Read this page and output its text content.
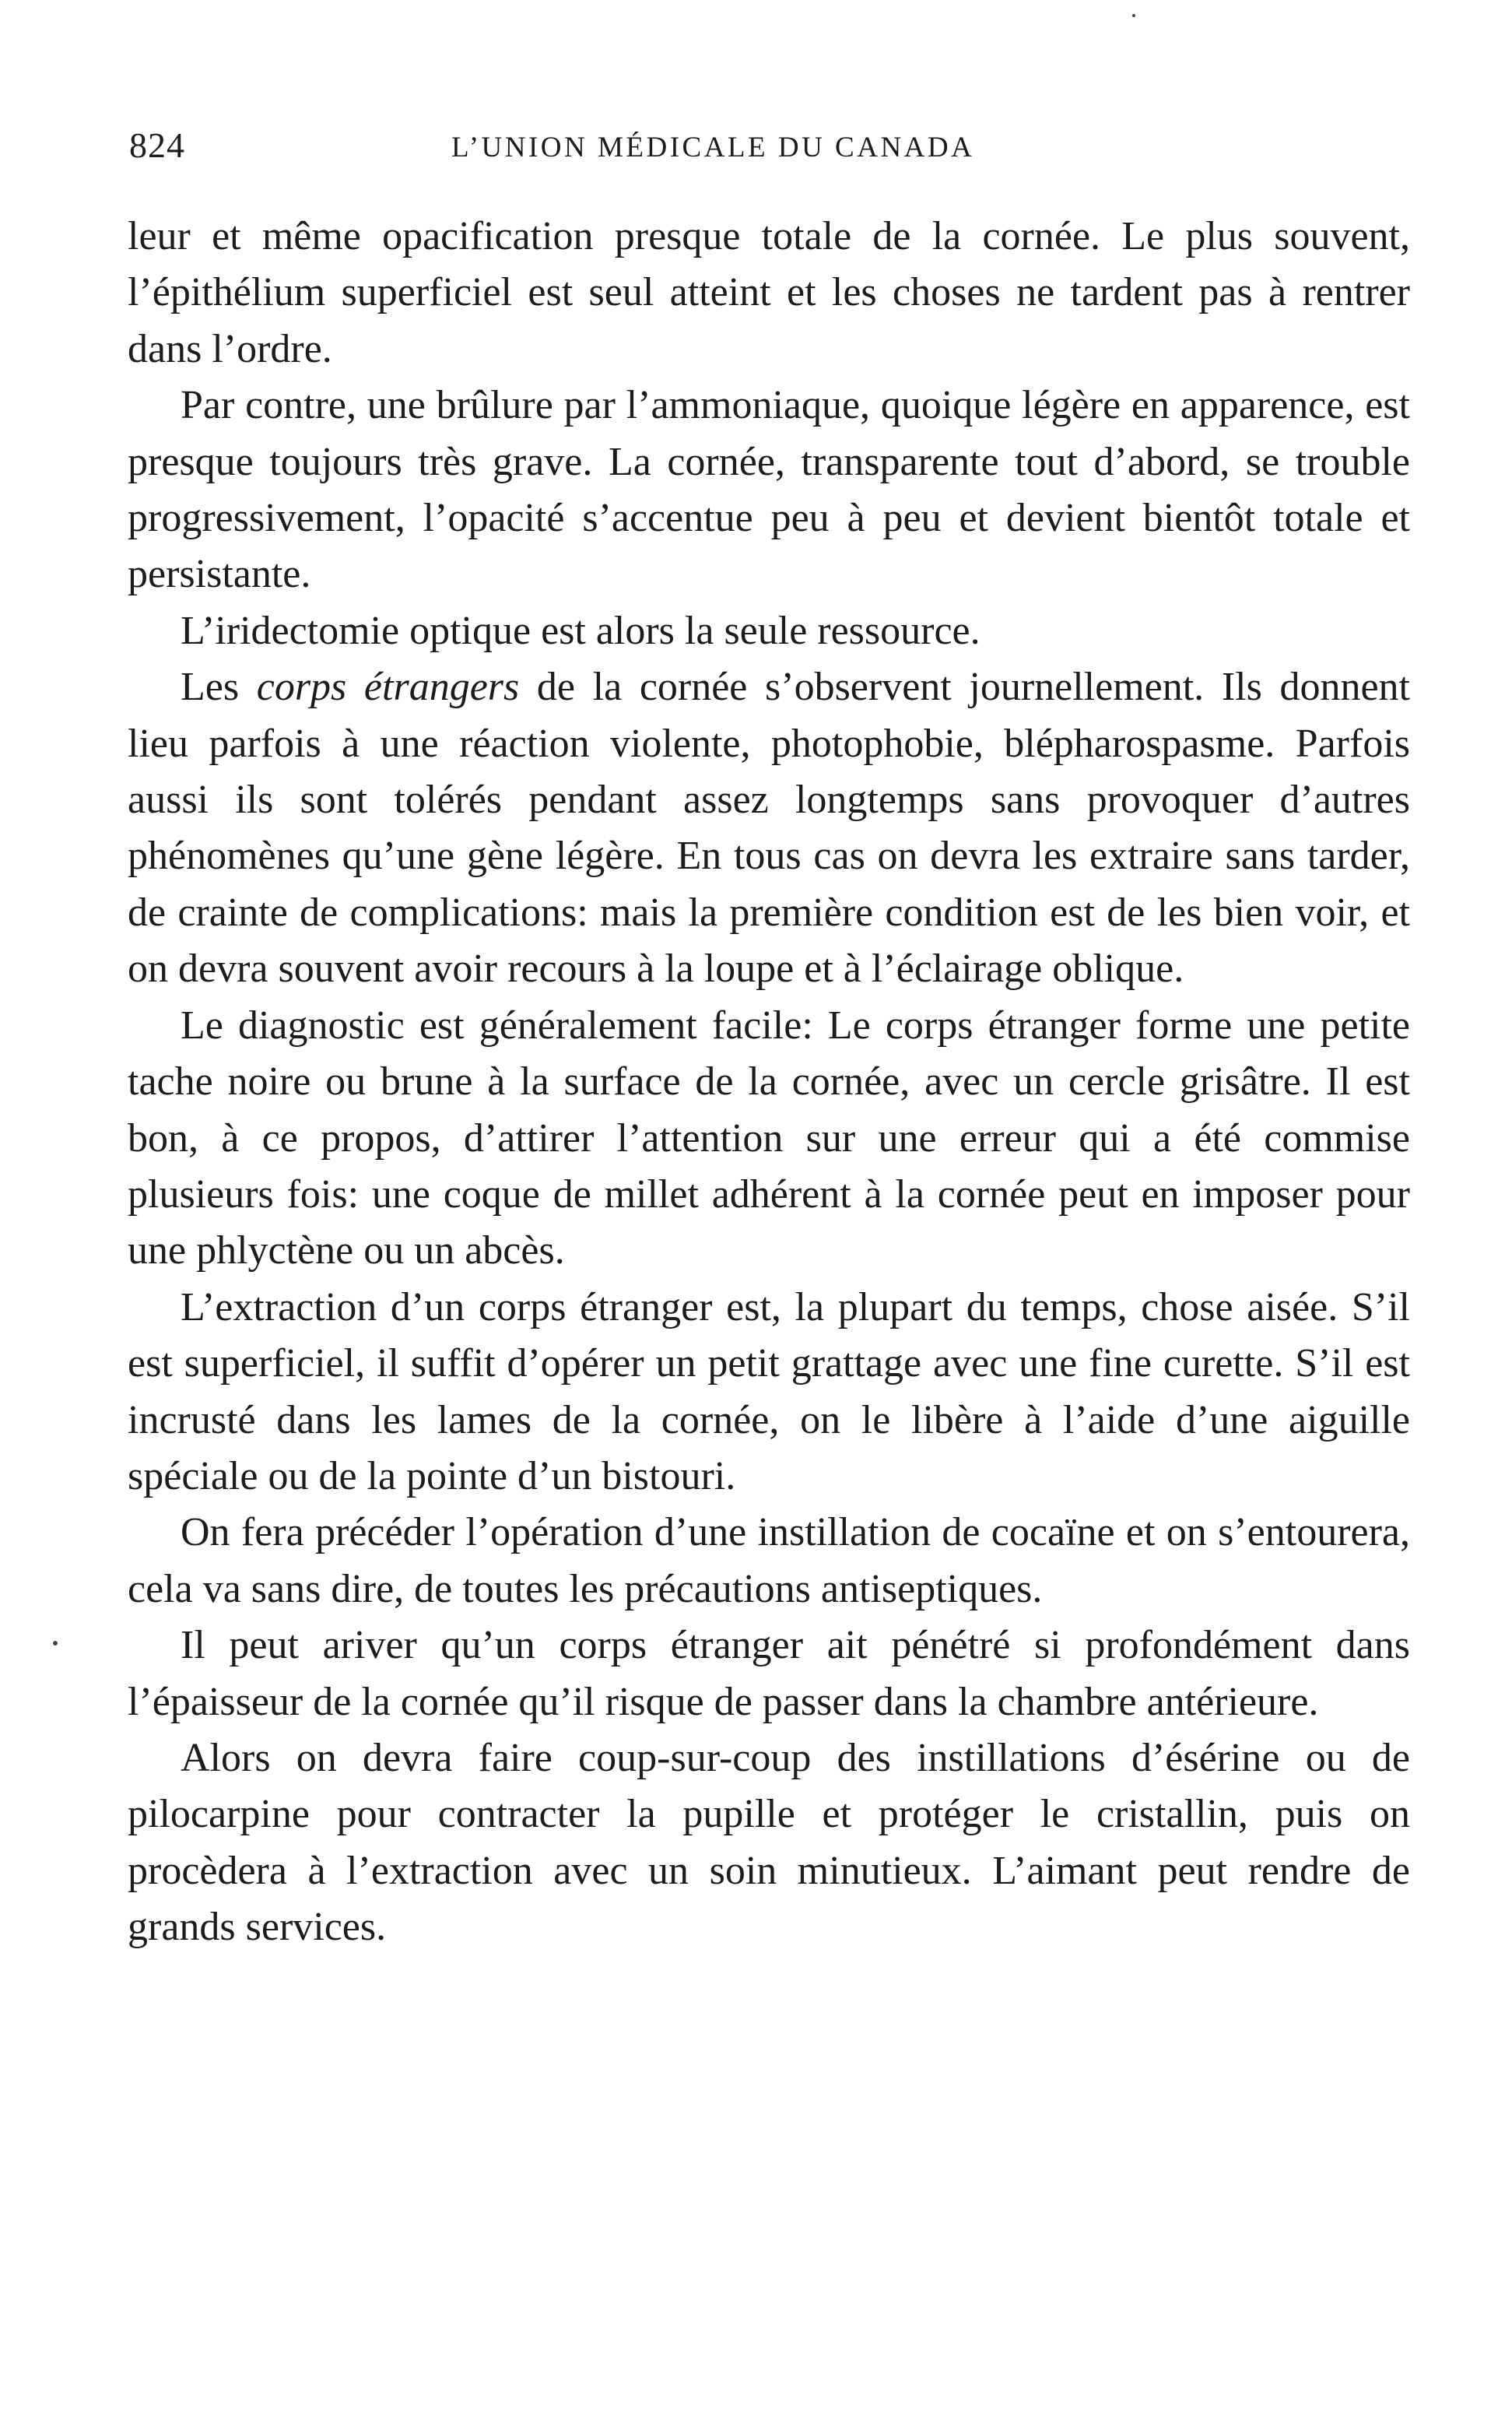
824	L’UNION MÉDICALE DU CANADA

leur et même opacification presque totale de la cornée. Le plus souvent, l’épithélium superficiel est seul atteint et les choses ne tardent pas à rentrer dans l’ordre.

Par contre, une brûlure par l’ammoniaque, quoique légère en apparence, est presque toujours très grave. La cornée, transparente tout d’abord, se trouble progressivement, l’opacité s’accentue peu à peu et devient bientôt totale et persistante.

L’iridectomie optique est alors la seule ressource.

Les corps étrangers de la cornée s’observent journellement. Ils donnent lieu parfois à une réaction violente, photophobie, blépharospasme. Parfois aussi ils sont tolérés pendant assez longtemps sans provoquer d’autres phénomènes qu’une gène légère. En tous cas on devra les extraire sans tarder, de crainte de complications: mais la première condition est de les bien voir, et on devra souvent avoir recours à la loupe et à l’éclairage oblique.

Le diagnostic est généralement facile: Le corps étranger forme une petite tache noire ou brune à la surface de la cornée, avec un cercle grisâtre. Il est bon, à ce propos, d’attirer l’attention sur une erreur qui a été commise plusieurs fois: une coque de millet adhérent à la cornée peut en imposer pour une phlyctène ou un abcès.

L’extraction d’un corps étranger est, la plupart du temps, chose aisée. S’il est superficiel, il suffit d’opérer un petit grattage avec une fine curette. S’il est incrusté dans les lames de la cornée, on le libère à l’aide d’une aiguille spéciale ou de la pointe d’un bistouri.

On fera précéder l’opération d’une instillation de cocaïne et on s’entourera, cela va sans dire, de toutes les précautions antiseptiques.

Il peut ariver qu’un corps étranger ait pénétré si profondément dans l’épaisseur de la cornée qu’il risque de passer dans la chambre antérieure.

Alors on devra faire coup-sur-coup des instillations d’ésérine ou de pilocarpine pour contracter la pupille et protéger le cristallin, puis on procèdera à l’extraction avec un soin minutieux. L’aimant peut rendre de grands services.
